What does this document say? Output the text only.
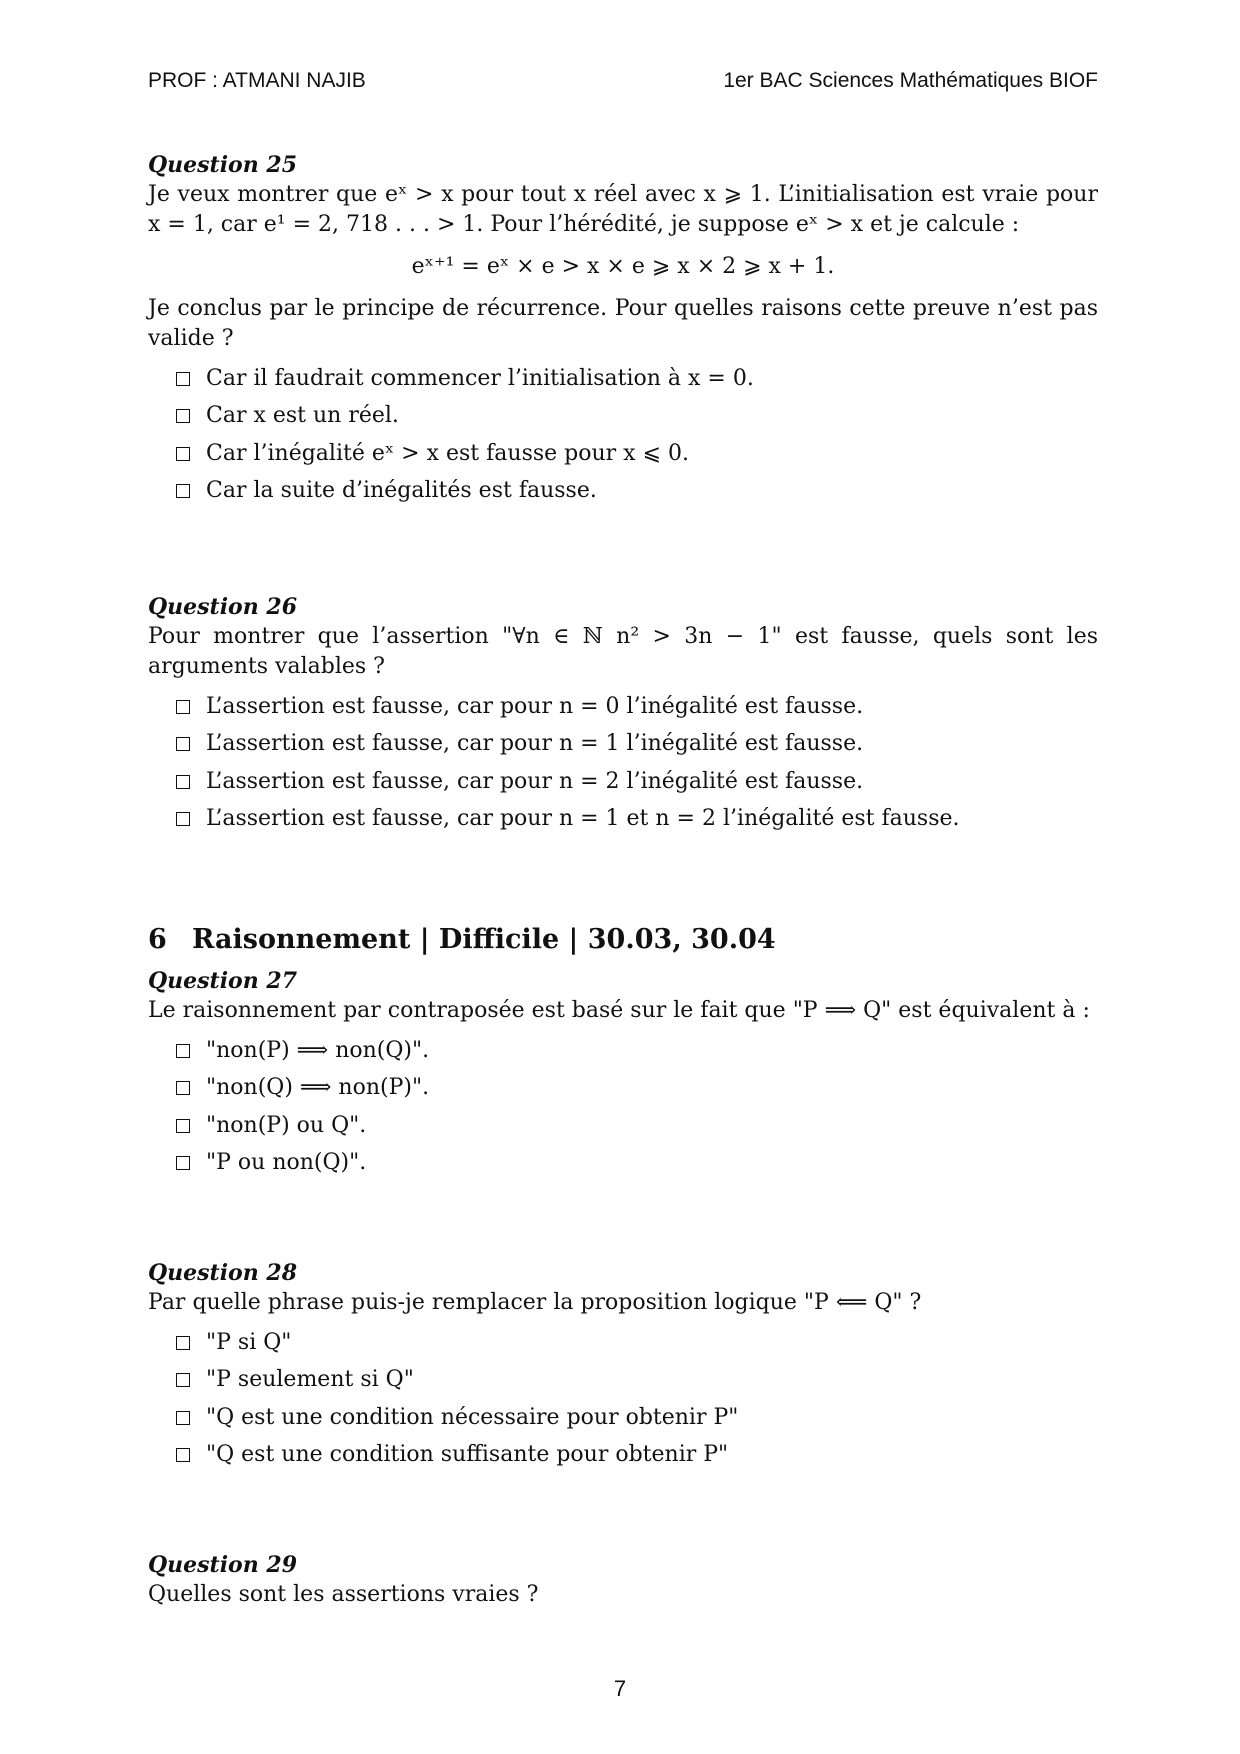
PROF : ATMANI NAJIB	1er BAC Sciences Mathématiques BIOF
Question 25
Je veux montrer que eˣ > x pour tout x réel avec x ⩾ 1. L’initialisation est vraie pour x = 1, car e¹ = 2, 718 . . . > 1. Pour l’hérédité, je suppose eˣ > x et je calcule :
eˣ⁺¹ = eˣ × e > x × e ⩾ x × 2 ⩾ x + 1.
Je conclus par le principe de récurrence. Pour quelles raisons cette preuve n’est pas valide ?
Car il faudrait commencer l’initialisation à x = 0.
Car x est un réel.
Car l’inégalité eˣ > x est fausse pour x ⩽ 0.
Car la suite d’inégalités est fausse.
Question 26
Pour montrer que l’assertion "∀n ∈ ℕ n² > 3n − 1" est fausse, quels sont les arguments valables ?
L’assertion est fausse, car pour n = 0 l’inégalité est fausse.
L’assertion est fausse, car pour n = 1 l’inégalité est fausse.
L’assertion est fausse, car pour n = 2 l’inégalité est fausse.
L’assertion est fausse, car pour n = 1 et n = 2 l’inégalité est fausse.
6 Raisonnement | Difficile | 30.03, 30.04
Question 27
Le raisonnement par contraposée est basé sur le fait que "P ⟹ Q" est équivalent à :
"non(P) ⟹ non(Q)".
"non(Q) ⟹ non(P)".
"non(P) ou Q".
"P ou non(Q)".
Question 28
Par quelle phrase puis-je remplacer la proposition logique "P ⟸ Q" ?
"P si Q"
"P seulement si Q"
"Q est une condition nécessaire pour obtenir P"
"Q est une condition suffisante pour obtenir P"
Question 29
Quelles sont les assertions vraies ?
7
